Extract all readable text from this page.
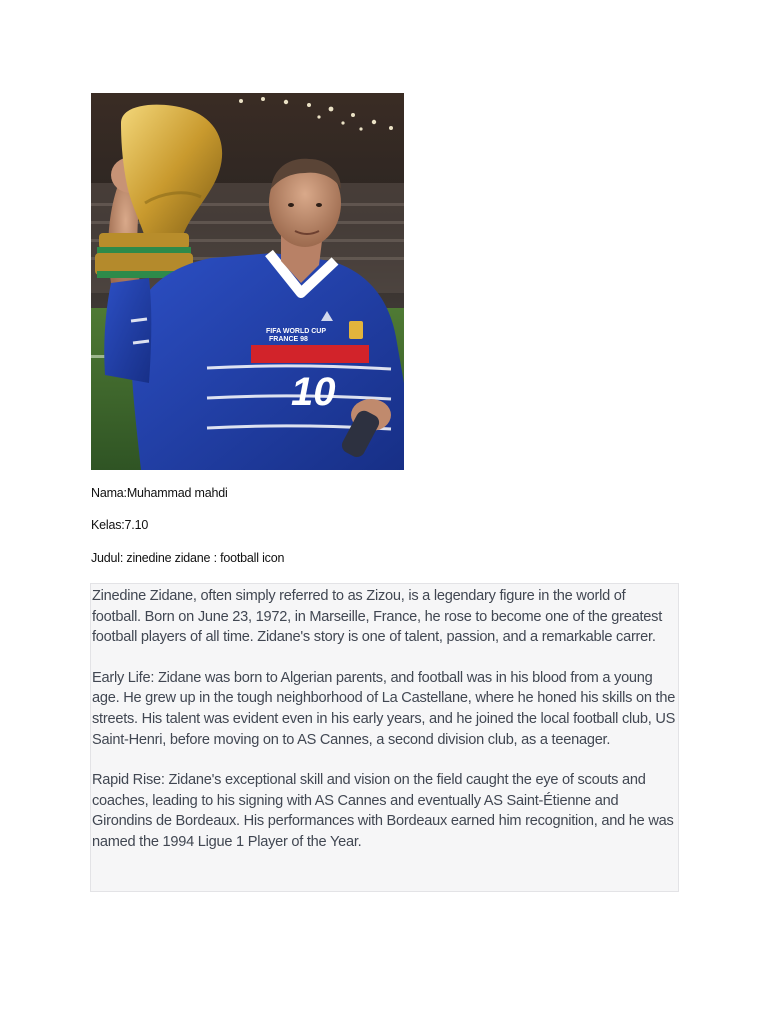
FIFA WORLD CUP
FRANCE 98
10
Nama:Muhammad mahdi
Kelas:7.10
Judul: zinedine zidane : football icon

Zinedine Zidane, often simply referred to as Zizou, is a legendary figure in the world of football. Born on June 23, 1972, in Marseille, France, he rose to become one of the greatest football players of all time. Zidane's story is one of talent, passion, and a remarkable carrer.

Early Life: Zidane was born to Algerian parents, and football was in his blood from a young age. He grew up in the tough neighborhood of La Castellane, where he honed his skills on the streets. His talent was evident even in his early years, and he joined the local football club, US Saint-Henri, before moving on to AS Cannes, a second division club, as a teenager.

Rapid Rise: Zidane's exceptional skill and vision on the field caught the eye of scouts and coaches, leading to his signing with AS Cannes and eventually AS Saint-Étienne and Girondins de Bordeaux. His performances with Bordeaux earned him recognition, and he was named the 1994 Ligue 1 Player of the Year.
